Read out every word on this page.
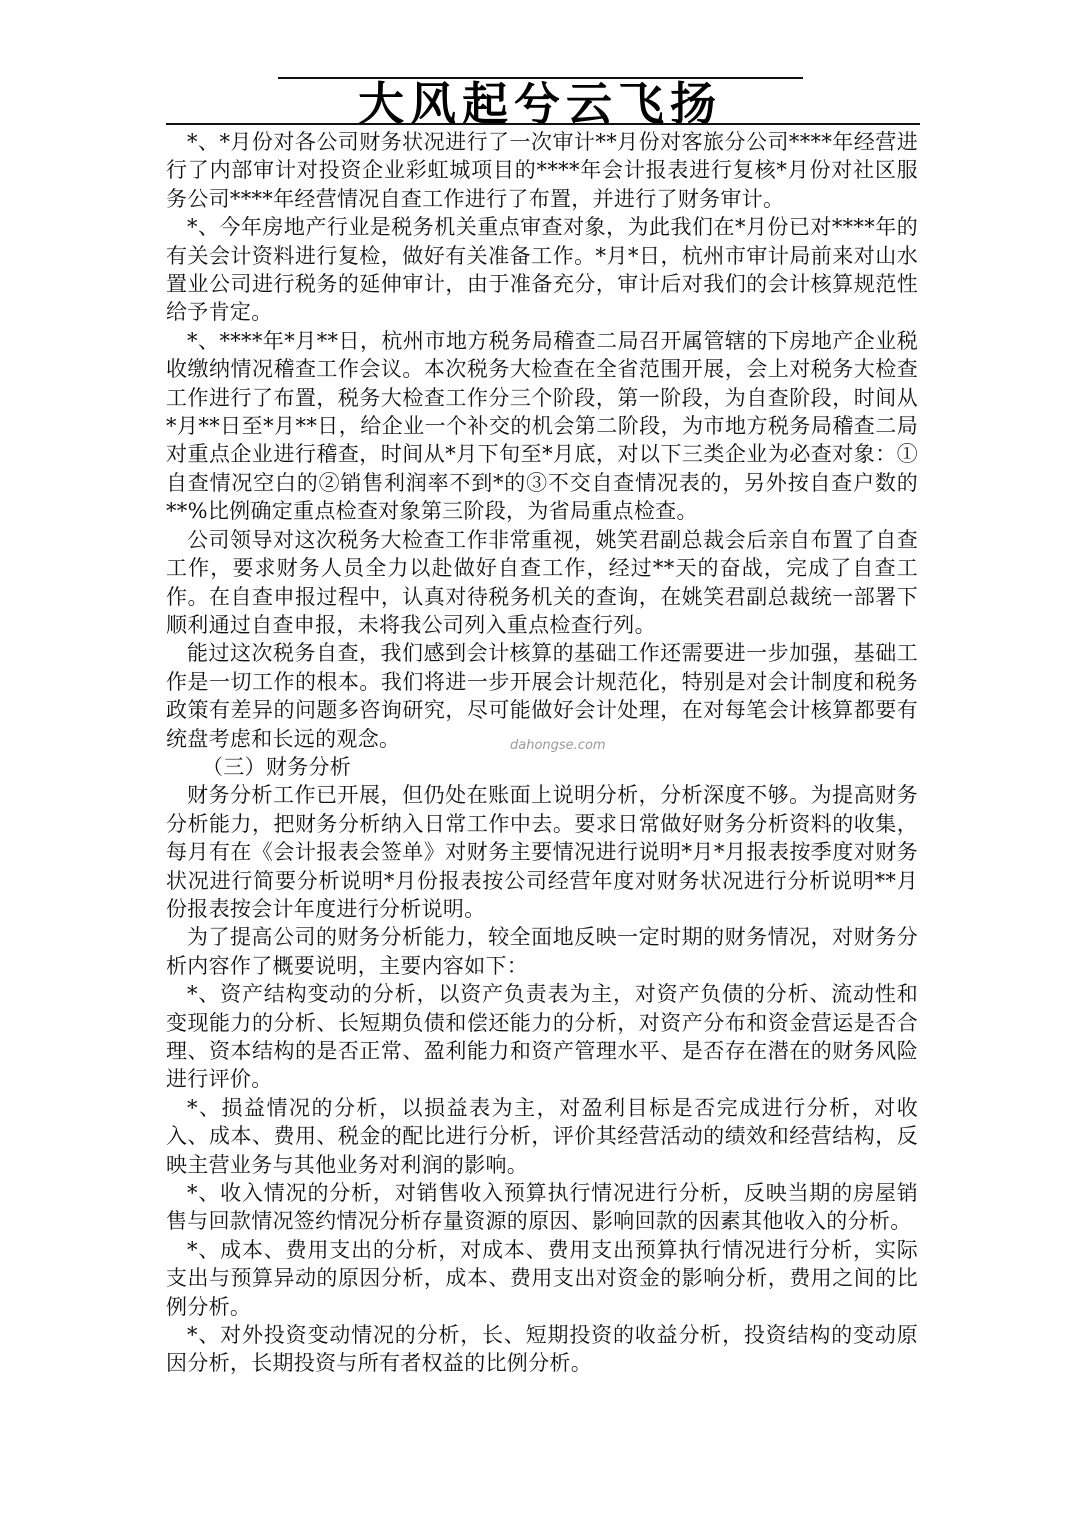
大风起兮云飞扬

*、*月份对各公司财务状况进行了一次审计**月份对客旅分公司****年经营进行了内部审计对投资企业彩虹城项目的****年会计报表进行复核*月份对社区服务公司****年经营情况自查工作进行了布置，并进行了财务审计。

*、今年房地产行业是税务机关重点审查对象，为此我们在*月份已对****年的有关会计资料进行复检，做好有关准备工作。*月*日，杭州市审计局前来对山水置业公司进行税务的延伸审计，由于准备充分，审计后对我们的会计核算规范性给予肯定。

*、****年*月**日，杭州市地方税务局稽查二局召开属管辖的下房地产企业税收缴纳情况稽查工作会议。本次税务大检查在全省范围开展，会上对税务大检查工作进行了布置，税务大检查工作分三个阶段，第一阶段，为自查阶段，时间从*月**日至*月**日，给企业一个补交的机会第二阶段，为市地方税务局稽查二局对重点企业进行稽查，时间从*月下旬至*月底，对以下三类企业为必查对象：①自查情况空白的②销售利润率不到*的③不交自查情况表的，另外按自查户数的**%比例确定重点检查对象第三阶段，为省局重点检查。

公司领导对这次税务大检查工作非常重视，姚笑君副总裁会后亲自布置了自查工作，要求财务人员全力以赴做好自查工作，经过**天的奋战，完成了自查工作。在自查申报过程中，认真对待税务机关的查询，在姚笑君副总裁统一部署下顺利通过自查申报，未将我公司列入重点检查行列。

能过这次税务自查，我们感到会计核算的基础工作还需要进一步加强，基础工作是一切工作的根本。我们将进一步开展会计规范化，特别是对会计制度和税务政策有差异的问题多咨询研究，尽可能做好会计处理，在对每笔会计核算都要有统盘考虑和长远的观念。

（三）财务分析

财务分析工作已开展，但仍处在账面上说明分析，分析深度不够。为提高财务分析能力，把财务分析纳入日常工作中去。要求日常做好财务分析资料的收集，每月有在《会计报表会签单》对财务主要情况进行说明*月*月报表按季度对财务状况进行简要分析说明*月份报表按公司经营年度对财务状况进行分析说明**月份报表按会计年度进行分析说明。

为了提高公司的财务分析能力，较全面地反映一定时期的财务情况，对财务分析内容作了概要说明，主要内容如下：

*、资产结构变动的分析，以资产负责表为主，对资产负债的分析、流动性和变现能力的分析、长短期负债和偿还能力的分析，对资产分布和资金营运是否合理、资本结构的是否正常、盈利能力和资产管理水平、是否存在潜在的财务风险进行评价。

*、损益情况的分析，以损益表为主，对盈利目标是否完成进行分析，对收入、成本、费用、税金的配比进行分析，评价其经营活动的绩效和经营结构，反映主营业务与其他业务对利润的影响。

*、收入情况的分析，对销售收入预算执行情况进行分析，反映当期的房屋销售与回款情况签约情况分析存量资源的原因、影响回款的因素其他收入的分析。

*、成本、费用支出的分析，对成本、费用支出预算执行情况进行分析，实际支出与预算异动的原因分析，成本、费用支出对资金的影响分析，费用之间的比例分析。

*、对外投资变动情况的分析，长、短期投资的收益分析，投资结构的变动原因分析，长期投资与所有者权益的比例分析。

dahongse.com
